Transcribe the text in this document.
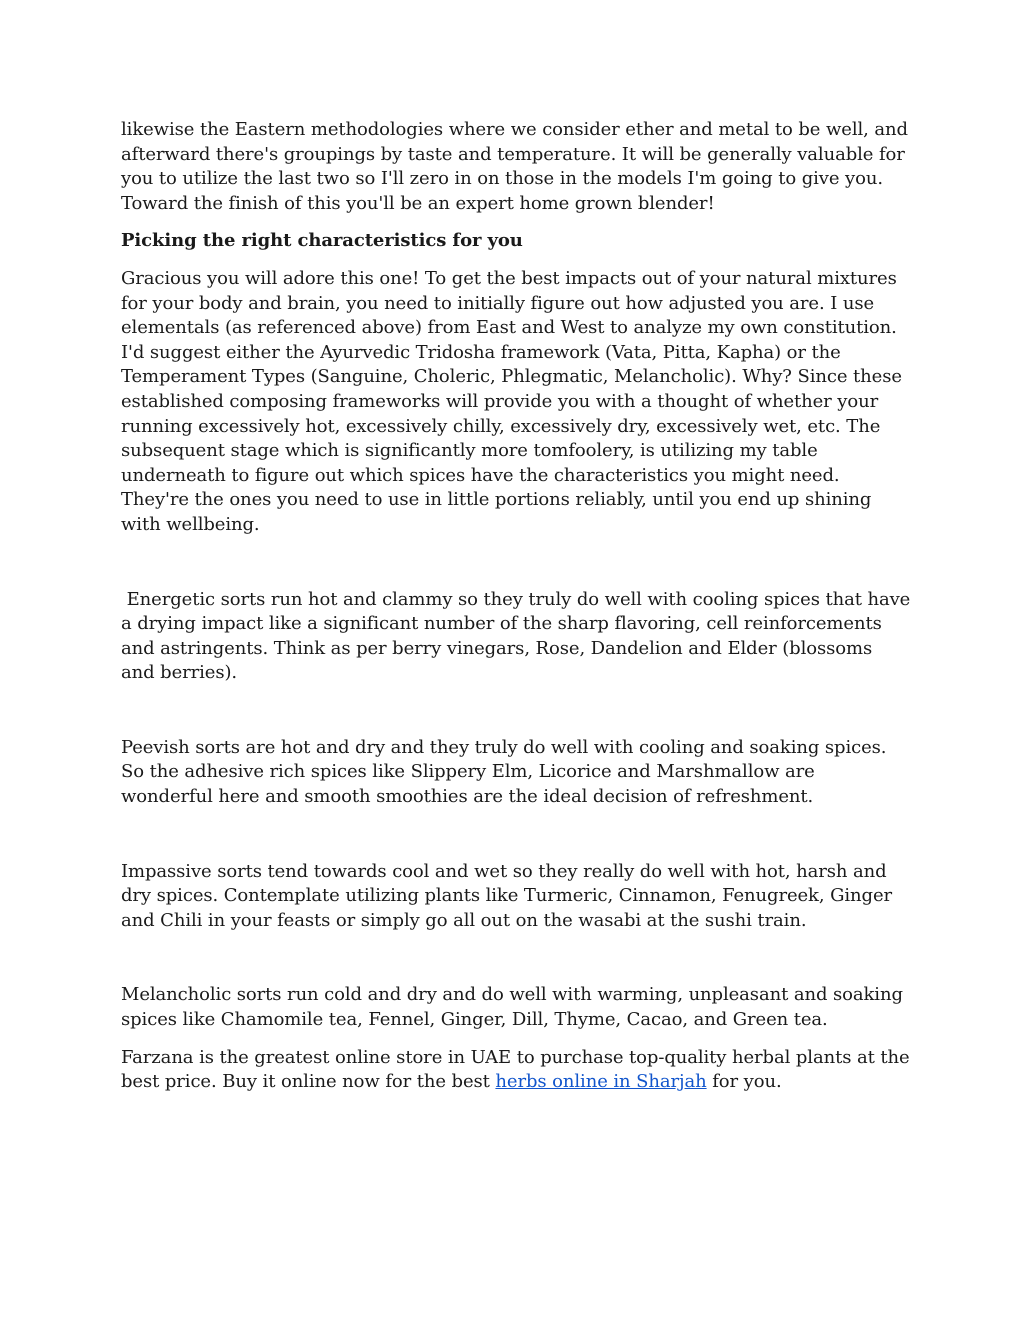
likewise the Eastern methodologies where we consider ether and metal to be well, and afterward there's groupings by taste and temperature. It will be generally valuable for you to utilize the last two so I'll zero in on those in the models I'm going to give you. Toward the finish of this you'll be an expert home grown blender!

Picking the right characteristics for you

Gracious you will adore this one! To get the best impacts out of your natural mixtures for your body and brain, you need to initially figure out how adjusted you are. I use elementals (as referenced above) from East and West to analyze my own constitution. I'd suggest either the Ayurvedic Tridosha framework (Vata, Pitta, Kapha) or the Temperament Types (Sanguine, Choleric, Phlegmatic, Melancholic). Why? Since these established composing frameworks will provide you with a thought of whether your running excessively hot, excessively chilly, excessively dry, excessively wet, etc. The subsequent stage which is significantly more tomfoolery, is utilizing my table underneath to figure out which spices have the characteristics you might need. They're the ones you need to use in little portions reliably, until you end up shining with wellbeing.

Energetic sorts run hot and clammy so they truly do well with cooling spices that have a drying impact like a significant number of the sharp flavoring, cell reinforcements and astringents. Think as per berry vinegars, Rose, Dandelion and Elder (blossoms and berries).

Peevish sorts are hot and dry and they truly do well with cooling and soaking spices. So the adhesive rich spices like Slippery Elm, Licorice and Marshmallow are wonderful here and smooth smoothies are the ideal decision of refreshment.

Impassive sorts tend towards cool and wet so they really do well with hot, harsh and dry spices. Contemplate utilizing plants like Turmeric, Cinnamon, Fenugreek, Ginger and Chili in your feasts or simply go all out on the wasabi at the sushi train.

Melancholic sorts run cold and dry and do well with warming, unpleasant and soaking spices like Chamomile tea, Fennel, Ginger, Dill, Thyme, Cacao, and Green tea.

Farzana is the greatest online store in UAE to purchase top-quality herbal plants at the best price. Buy it online now for the best herbs online in Sharjah for you.
